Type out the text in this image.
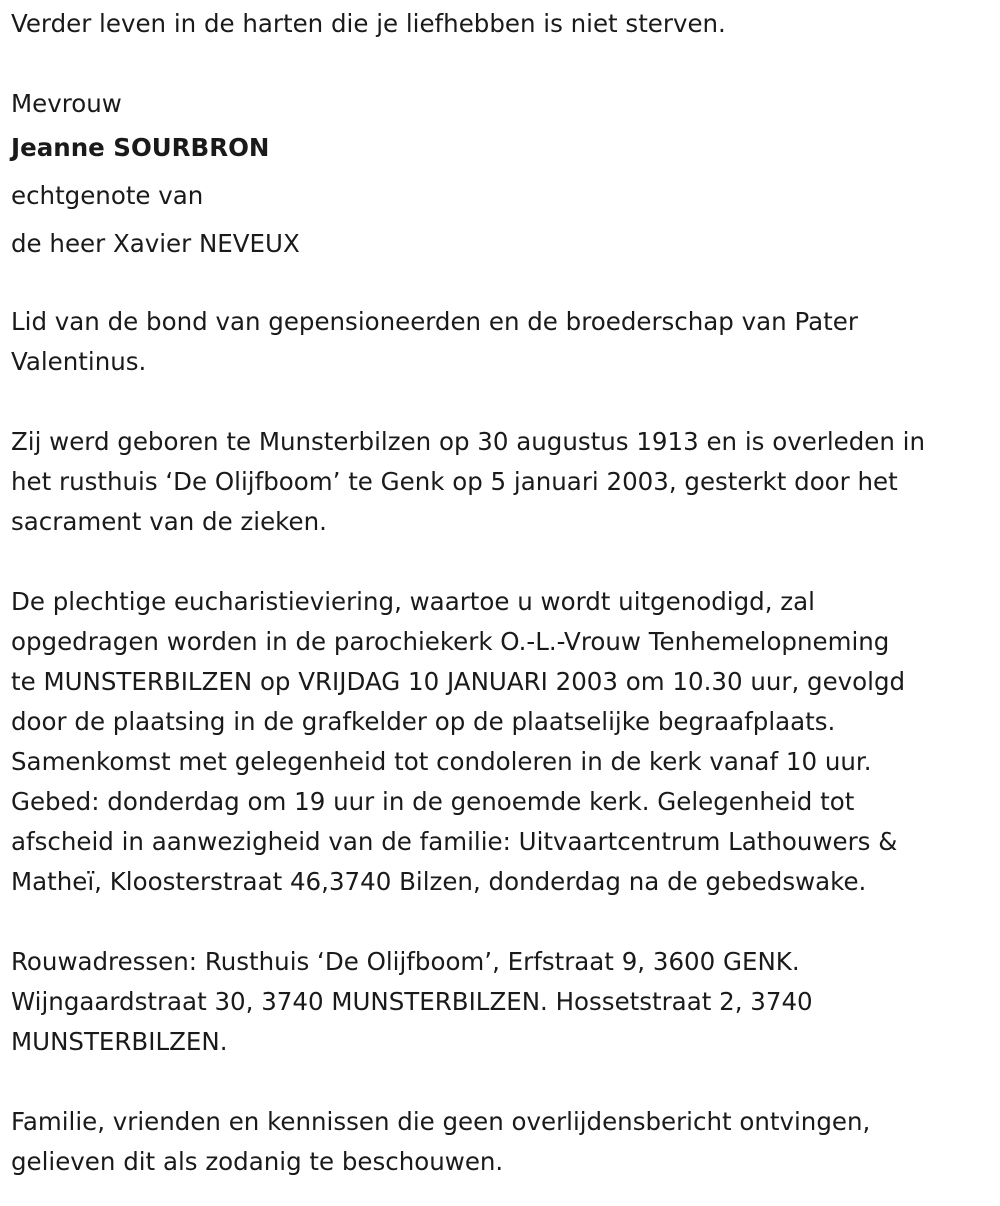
Verder leven in de harten die je liefhebben is niet sterven.

Mevrouw

Jeanne SOURBRON

echtgenote van

de heer Xavier NEVEUX

Lid van de bond van gepensioneerden en de broederschap van Pater

Valentinus.

Zij werd geboren te Munsterbilzen op 30 augustus 1913 en is overleden in

het rusthuis ‘De Olijfboom’ te Genk op 5 januari 2003, gesterkt door het

sacrament van de zieken.

De plechtige eucharistieviering, waartoe u wordt uitgenodigd, zal

opgedragen worden in de parochiekerk O.-L.-Vrouw Tenhemelopneming

te MUNSTERBILZEN op VRIJDAG 10 JANUARI 2003 om 10.30 uur, gevolgd

door de plaatsing in de grafkelder op de plaatselijke begraafplaats.

Samenkomst met gelegenheid tot condoleren in de kerk vanaf 10 uur.

Gebed: donderdag om 19 uur in de genoemde kerk. Gelegenheid tot

afscheid in aanwezigheid van de familie: Uitvaartcentrum Lathouwers &

Matheï, Kloosterstraat 46,3740 Bilzen, donderdag na de gebedswake.

Rouwadressen: Rusthuis ‘De Olijfboom’, Erfstraat 9, 3600 GENK.

Wijngaardstraat 30, 3740 MUNSTERBILZEN. Hossetstraat 2, 3740

MUNSTERBILZEN.

Familie, vrienden en kennissen die geen overlijdensbericht ontvingen,

gelieven dit als zodanig te beschouwen.
